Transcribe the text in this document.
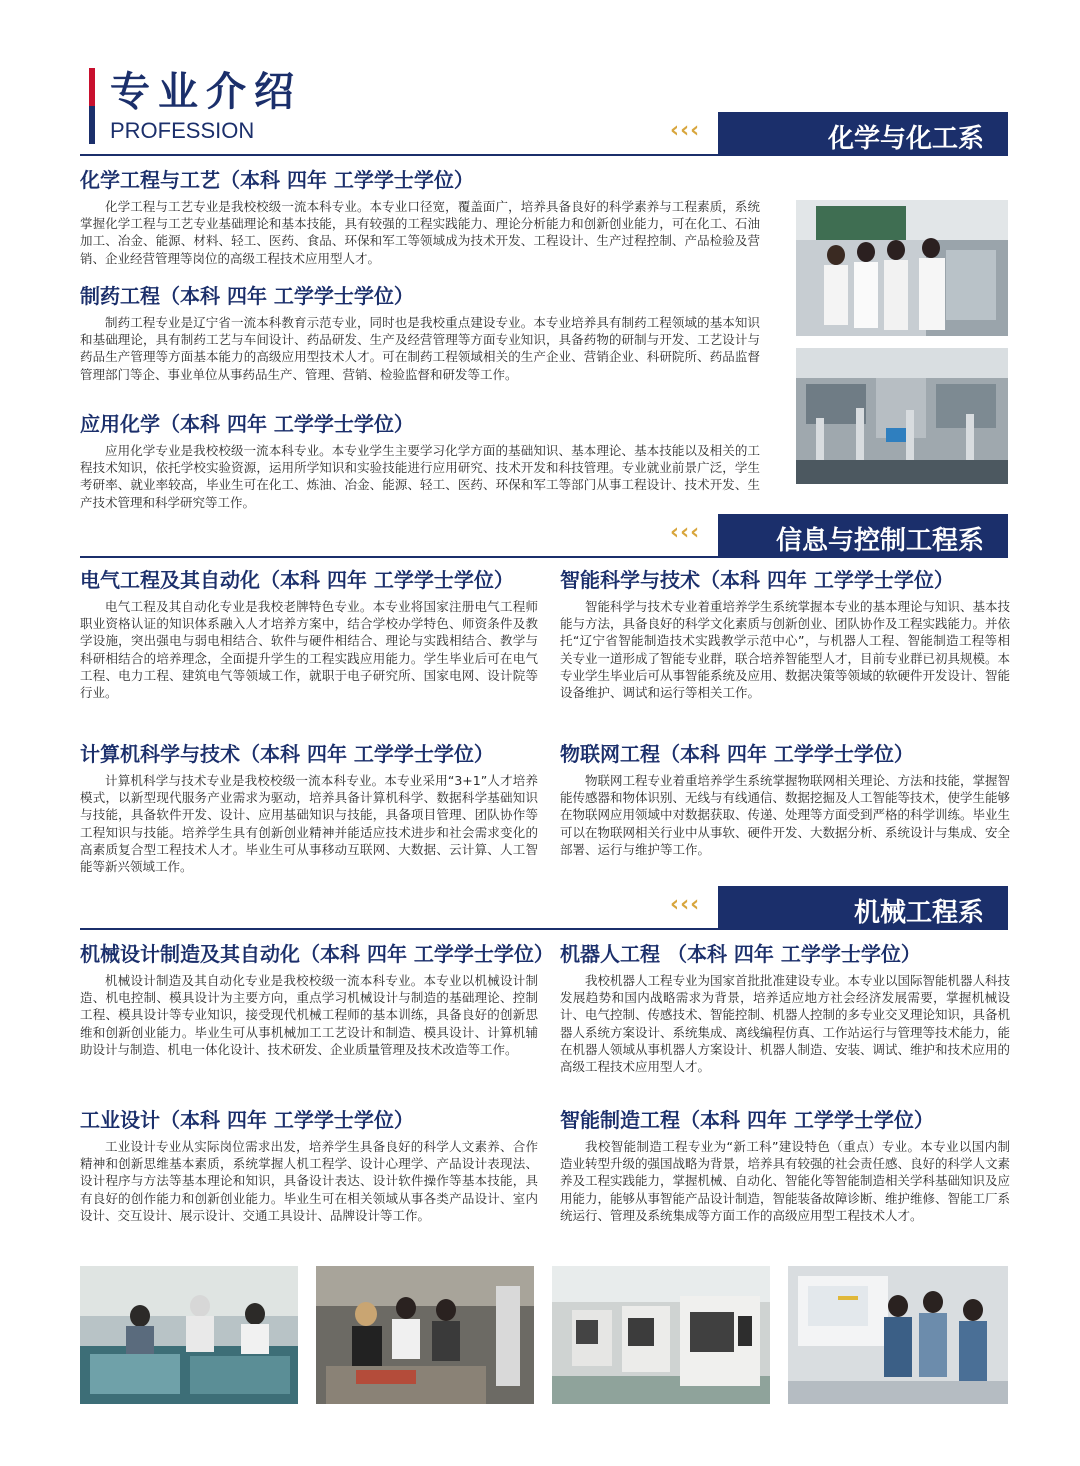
专业介绍
PROFESSION	‹‹‹	化学与化工系
化学工程与工艺（本科 四年 工学学士学位）

化学工程与工艺专业是我校校级一流本科专业。本专业口径宽，覆盖面广，培养具备良好的科学素养与工程素质，系统掌握化学工程与工艺专业基础理论和基本技能，具有较强的工程实践能力、理论分析能力和创新创业能力，可在化工、石油加工、冶金、能源、材料、轻工、医药、食品、环保和军工等领域成为技术开发、工程设计、生产过程控制、产品检验及营销、企业经营管理等岗位的高级工程技术应用型人才。

制药工程（本科 四年 工学学士学位）

制药工程专业是辽宁省一流本科教育示范专业，同时也是我校重点建设专业。本专业培养具有制药工程领域的基本知识和基础理论，具有制药工艺与车间设计、药品研发、生产及经营管理等方面专业知识，具备药物的研制与开发、工艺设计与药品生产管理等方面基本能力的高级应用型技术人才。可在制药工程领域相关的生产企业、营销企业、科研院所、药品监督管理部门等企、事业单位从事药品生产、管理、营销、检验监督和研发等工作。

应用化学（本科 四年 工学学士学位）

应用化学专业是我校校级一流本科专业。本专业学生主要学习化学方面的基础知识、基本理论、基本技能以及相关的工程技术知识，依托学校实验资源，运用所学知识和实验技能进行应用研究、技术开发和科技管理。专业就业前景广泛，学生考研率、就业率较高，毕业生可在化工、炼油、冶金、能源、轻工、医药、环保和军工等部门从事工程设计、技术开发、生产技术管理和科学研究等工作。

‹‹‹	信息与控制工程系
电气工程及其自动化（本科 四年 工学学士学位）

电气工程及其自动化专业是我校老牌特色专业。本专业将国家注册电气工程师职业资格认证的知识体系融入人才培养方案中，结合学校办学特色、师资条件及教学设施，突出强电与弱电相结合、软件与硬件相结合、理论与实践相结合、教学与科研相结合的培养理念，全面提升学生的工程实践应用能力。学生毕业后可在电气工程、电力工程、建筑电气等领域工作，就职于电子研究所、国家电网、设计院等行业。

智能科学与技术（本科 四年 工学学士学位）

智能科学与技术专业着重培养学生系统掌握本专业的基本理论与知识、基本技能与方法，具备良好的科学文化素质与创新创业、团队协作及工程实践能力。并依托“辽宁省智能制造技术实践教学示范中心”，与机器人工程、智能制造工程等相关专业一道形成了智能专业群，联合培养智能型人才，目前专业群已初具规模。本专业学生毕业后可从事智能系统及应用、数据决策等领域的软硬件开发设计、智能设备维护、调试和运行等相关工作。

计算机科学与技术（本科 四年 工学学士学位）

计算机科学与技术专业是我校校级一流本科专业。本专业采用“3+1”人才培养模式，以新型现代服务产业需求为驱动，培养具备计算机科学、数据科学基础知识与技能，具备软件开发、设计、应用基础知识与技能，具备项目管理、团队协作等工程知识与技能。培养学生具有创新创业精神并能适应技术进步和社会需求变化的高素质复合型工程技术人才。毕业生可从事移动互联网、大数据、云计算、人工智能等新兴领域工作。

物联网工程（本科 四年 工学学士学位）

物联网工程专业着重培养学生系统掌握物联网相关理论、方法和技能，掌握智能传感器和物体识别、无线与有线通信、数据挖掘及人工智能等技术，使学生能够在物联网应用领域中对数据获取、传递、处理等方面受到严格的科学训练。毕业生可以在物联网相关行业中从事软、硬件开发、大数据分析、系统设计与集成、安全部署、运行与维护等工作。

‹‹‹	机械工程系
机械设计制造及其自动化（本科 四年 工学学士学位）

机械设计制造及其自动化专业是我校校级一流本科专业。本专业以机械设计制造、机电控制、模具设计为主要方向，重点学习机械设计与制造的基础理论、控制工程、模具设计等专业知识，接受现代机械工程师的基本训练，具备良好的创新思维和创新创业能力。毕业生可从事机械加工工艺设计和制造、模具设计、计算机辅助设计与制造、机电一体化设计、技术研发、企业质量管理及技术改造等工作。

机器人工程 （本科 四年 工学学士学位）

我校机器人工程专业为国家首批批准建设专业。本专业以国际智能机器人科技发展趋势和国内战略需求为背景，培养适应地方社会经济发展需要，掌握机械设计、电气控制、传感技术、智能控制、机器人控制的多专业交叉理论知识，具备机器人系统方案设计、系统集成、离线编程仿真、工作站运行与管理等技术能力，能在机器人领域从事机器人方案设计、机器人制造、安装、调试、维护和技术应用的高级工程技术应用型人才。

工业设计（本科 四年 工学学士学位）

工业设计专业从实际岗位需求出发，培养学生具备良好的科学人文素养、合作精神和创新思维基本素质，系统掌握人机工程学、设计心理学、产品设计表现法、设计程序与方法等基本理论和知识，具备设计表达、设计软件操作等基本技能，具有良好的创作能力和创新创业能力。毕业生可在相关领域从事各类产品设计、室内设计、交互设计、展示设计、交通工具设计、品牌设计等工作。

智能制造工程（本科 四年 工学学士学位）

我校智能制造工程专业为“新工科”建设特色（重点）专业。本专业以国内制造业转型升级的强国战略为背景，培养具有较强的社会责任感、良好的科学人文素养及工程实践能力，掌握机械、自动化、智能化等智能制造相关学科基础知识及应用能力，能够从事智能产品设计制造，智能装备故障诊断、维护维修、智能工厂系统运行、管理及系统集成等方面工作的高级应用型工程技术人才。
